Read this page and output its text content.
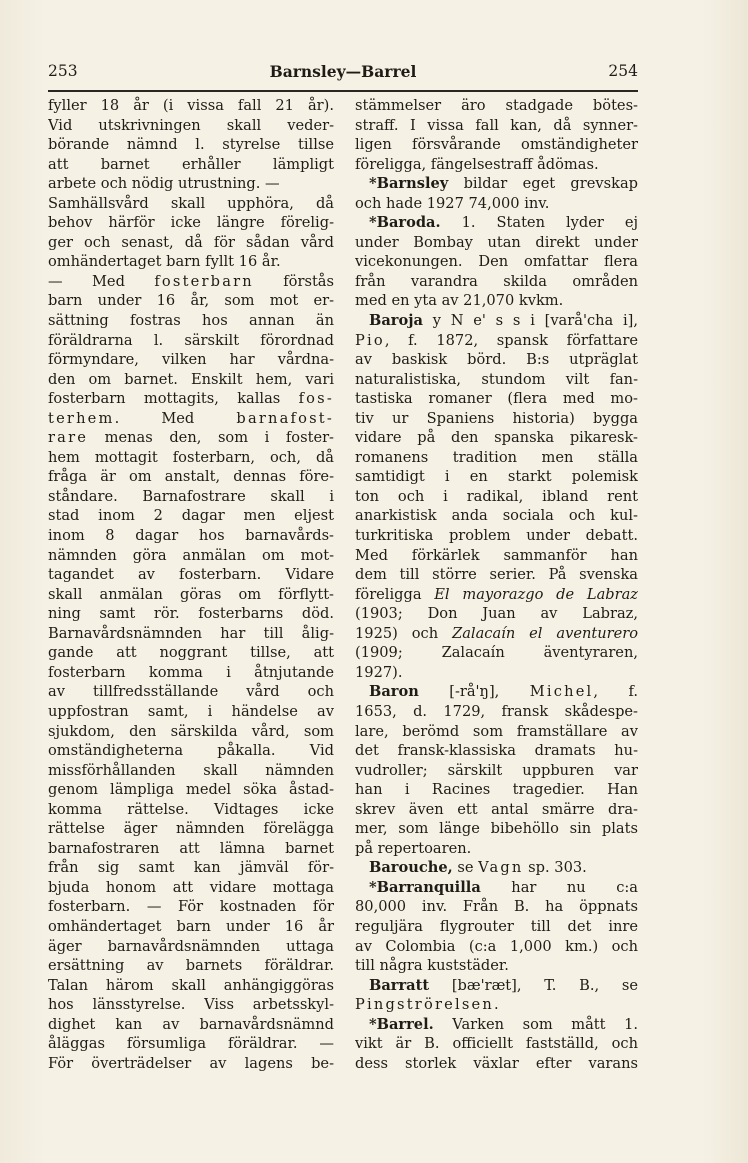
253	Barnsley—Barrel	254
fyller 18 år (i vissa fall 21 år).
Vid utskrivningen skall veder-
börande nämnd l. styrelse tillse
att barnet erhåller lämpligt
arbete och nödig utrustning. —
Samhällsvård skall upphöra, då
behov härför icke längre förelig-
ger och senast, då för sådan vård
omhändertaget barn fyllt 16 år.
— Med fosterbarn förstås
barn under 16 år, som mot er-
sättning fostras hos annan än
föräldrarna l. särskilt förordnad
förmyndare, vilken har vårdna-
den om barnet. Enskilt hem, vari
fosterbarn mottagits, kallas fos-
terhem. Med barnafost-
rare menas den, som i foster-
hem mottagit fosterbarn, och, då
fråga är om anstalt, dennas före-
ståndare. Barnafostrare skall i
stad inom 2 dagar men eljest
inom 8 dagar hos barnavårds-
nämnden göra anmälan om mot-
tagandet av fosterbarn. Vidare
skall anmälan göras om förflytt-
ning samt rör. fosterbarns död.
Barnavårdsnämnden har till ålig-
gande att noggrant tillse, att
fosterbarn komma i åtnjutande
av tillfredsställande vård och
uppfostran samt, i händelse av
sjukdom, den särskilda vård, som
omständigheterna påkalla. Vid
missförhållanden skall nämnden
genom lämpliga medel söka åstad-
komma rättelse. Vidtages icke
rättelse äger nämnden förelägga
barnafostraren att lämna barnet
från sig samt kan jämväl för-
bjuda honom att vidare mottaga
fosterbarn. — För kostnaden för
omhändertaget barn under 16 år
äger barnavårdsnämnden uttaga
ersättning av barnets föräldrar.
Talan härom skall anhängiggöras
hos länsstyrelse. Viss arbetsskyl-
dighet kan av barnavårdsnämnd
åläggas försumliga föräldrar. —
För överträdelser av lagens be-
stämmelser äro stadgade bötes-
straff. I vissa fall kan, då synner-
ligen försvårande omständigheter
föreligga, fängelsestraff ådömas.
*Barnsley bildar eget grevskap
och hade 1927 74,000 inv.
*Baroda. 1. Staten lyder ej
under Bombay utan direkt under
vicekonungen. Den omfattar flera
från varandra skilda områden
med en yta av 21,070 kvkm.
Baroja y N e' s s i [varå'cha i],
Pio, f. 1872, spansk författare
av baskisk börd. B:s utpräglat
naturalistiska, stundom vilt fan-
tastiska romaner (flera med mo-
tiv ur Spaniens historia) bygga
vidare på den spanska pikaresk-
romanens tradition men ställa
samtidigt i en starkt polemisk
ton och i radikal, ibland rent
anarkistisk anda sociala och kul-
turkritiska problem under debatt.
Med förkärlek sammanför han
dem till större serier. På svenska
föreligga El mayorazgo de Labraz
(1903; Don Juan av Labraz,
1925) och Zalacaín el aventurero
(1909; Zalacaín äventyraren,
1927).
Baron [-rå'ŋ], Michel, f.
1653, d. 1729, fransk skådespe-
lare, berömd som framställare av
det fransk-klassiska dramats hu-
vudroller; särskilt uppburen var
han i Racines tragedier. Han
skrev även ett antal smärre dra-
mer, som länge bibehöllo sin plats
på repertoaren.
Barouche, se Vagn sp. 303.
*Barranquilla har nu c:a
80,000 inv. Från B. ha öppnats
reguljära flygrouter till det inre
av Colombia (c:a 1,000 km.) och
till några kuststäder.
Barratt [bæ'ræt], T. B., se
Pingströrelsen.
*Barrel. Varken som mått 1.
vikt är B. officiellt fastställd, och
dess storlek växlar efter varans
